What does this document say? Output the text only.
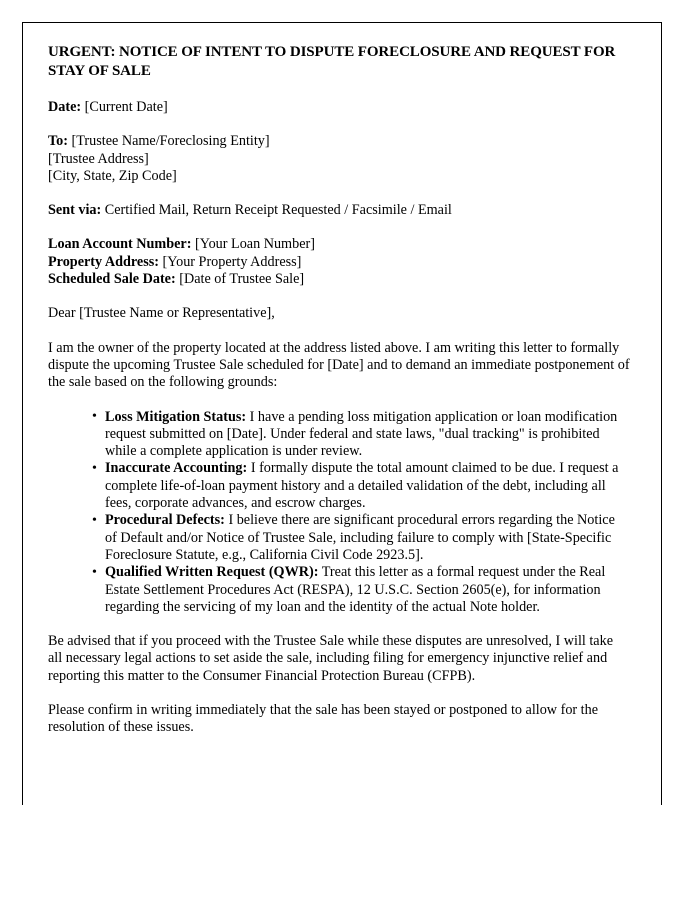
URGENT: NOTICE OF INTENT TO DISPUTE FORECLOSURE AND REQUEST FOR STAY OF SALE

Date: [Current Date]

To: [Trustee Name/Foreclosing Entity]
[Trustee Address]
[City, State, Zip Code]

Sent via: Certified Mail, Return Receipt Requested / Facsimile / Email

Loan Account Number: [Your Loan Number]
Property Address: [Your Property Address]
Scheduled Sale Date: [Date of Trustee Sale]

Dear [Trustee Name or Representative],

I am the owner of the property located at the address listed above. I am writing this letter to formally dispute the upcoming Trustee Sale scheduled for [Date] and to demand an immediate postponement of the sale based on the following grounds:

• Loss Mitigation Status: I have a pending loss mitigation application or loan modification request submitted on [Date]. Under federal and state laws, "dual tracking" is prohibited while a complete application is under review.
• Inaccurate Accounting: I formally dispute the total amount claimed to be due. I request a complete life-of-loan payment history and a detailed validation of the debt, including all fees, corporate advances, and escrow charges.
• Procedural Defects: I believe there are significant procedural errors regarding the Notice of Default and/or Notice of Trustee Sale, including failure to comply with [State-Specific Foreclosure Statute, e.g., California Civil Code 2923.5].
• Qualified Written Request (QWR): Treat this letter as a formal request under the Real Estate Settlement Procedures Act (RESPA), 12 U.S.C. Section 2605(e), for information regarding the servicing of my loan and the identity of the actual Note holder.

Be advised that if you proceed with the Trustee Sale while these disputes are unresolved, I will take all necessary legal actions to set aside the sale, including filing for emergency injunctive relief and reporting this matter to the Consumer Financial Protection Bureau (CFPB).

Please confirm in writing immediately that the sale has been stayed or postponed to allow for the resolution of these issues.
